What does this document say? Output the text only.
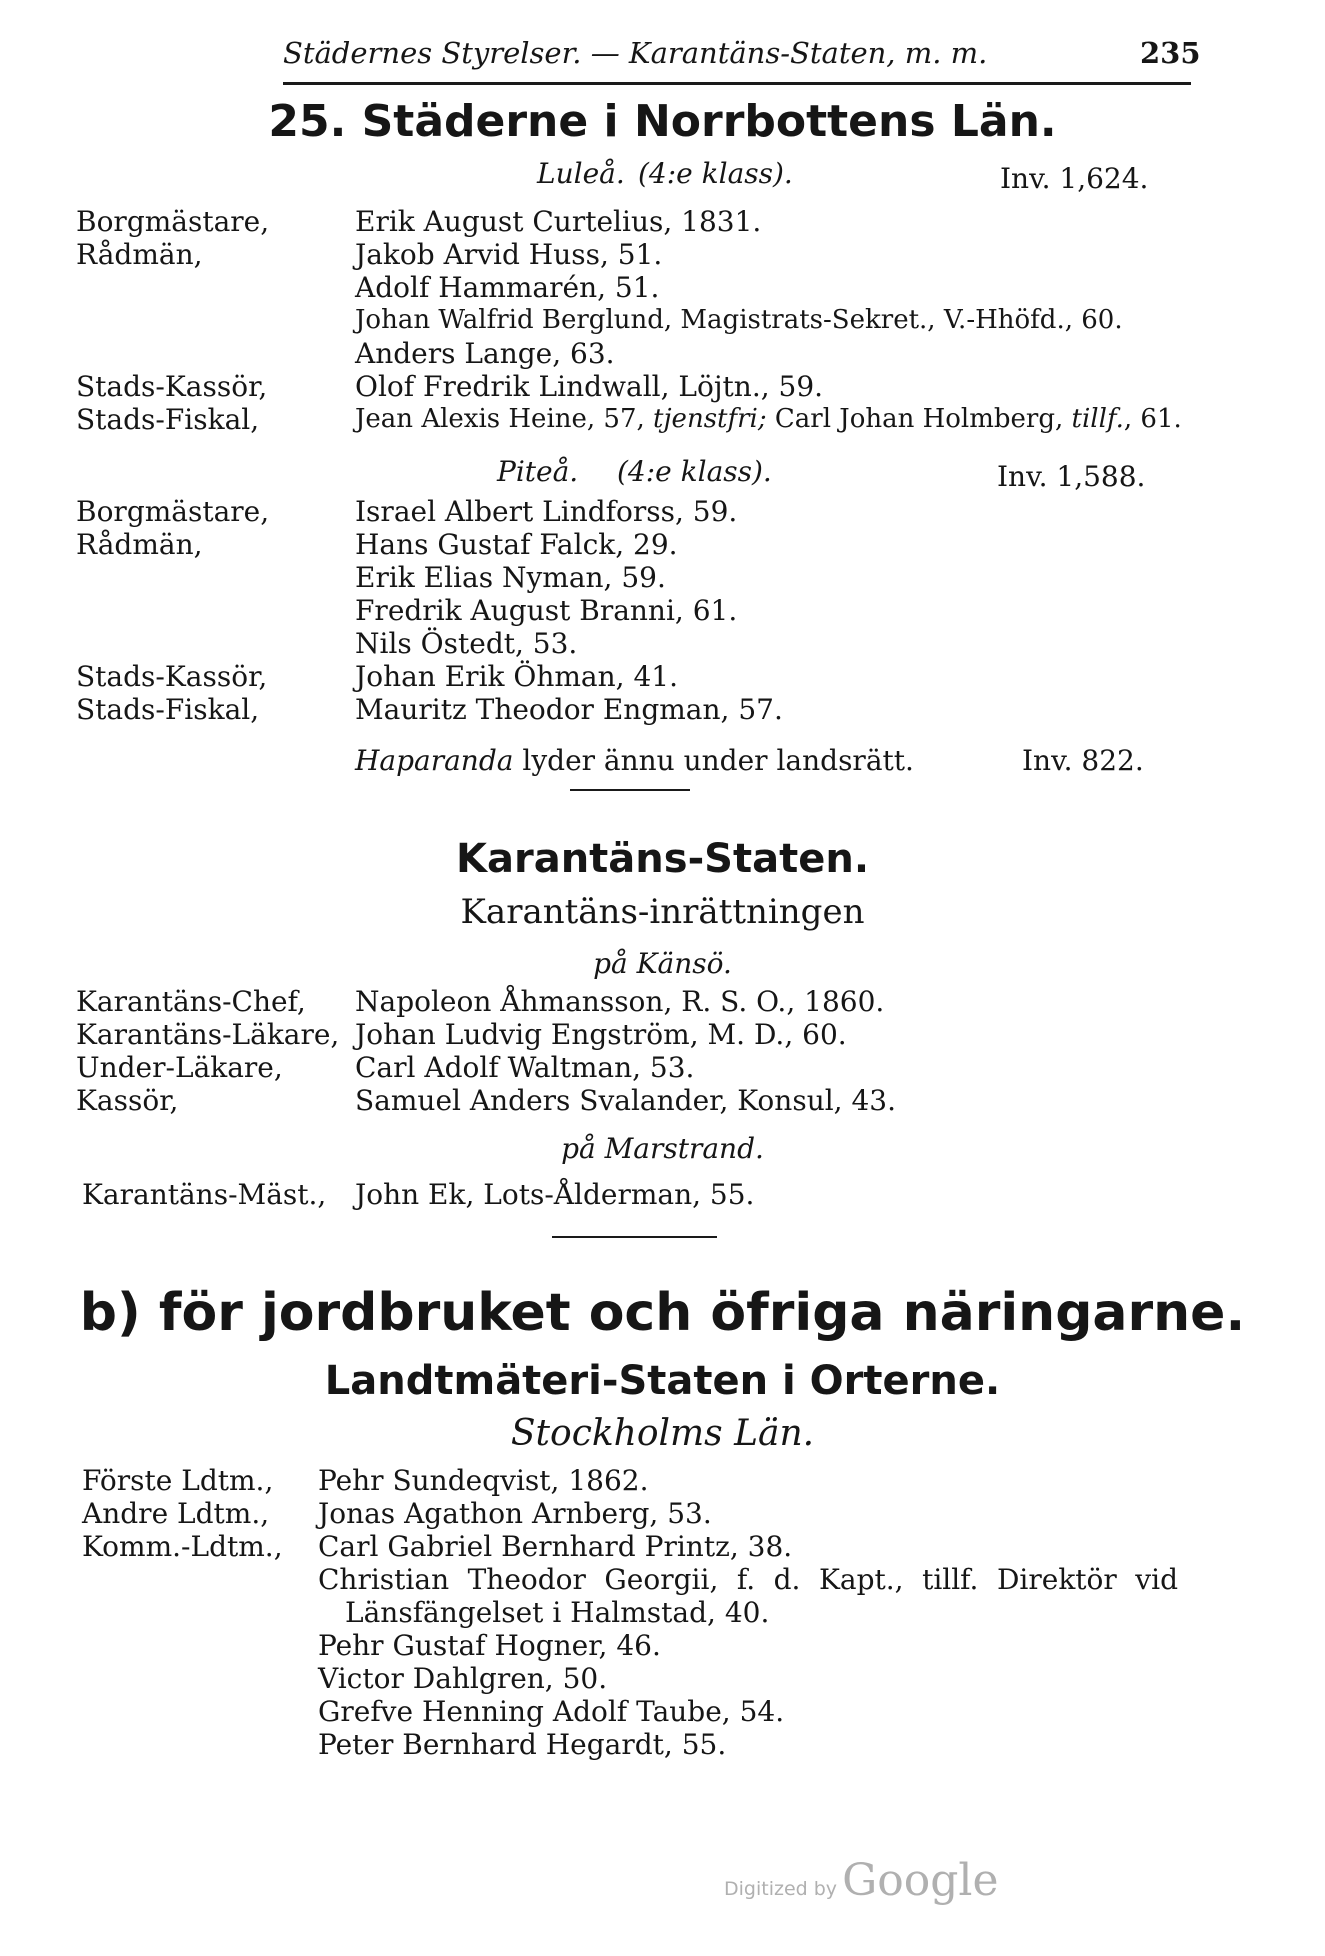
Städernes Styrelser. — Karantäns-Staten, m. m.	235
25. Städerne i Norrbottens Län.
Luleå. (4:e klass).	Inv. 1,624.
Borgmästare,	Erik August Curtelius, 1831.
Rådmän,	Jakob Arvid Huss, 51.
Adolf Hammarén, 51.
Johan Walfrid Berglund, Magistrats-Sekret., V.-Hhöfd., 60.
Anders Lange, 63.
Stads-Kassör,	Olof Fredrik Lindwall, Löjtn., 59.
Stads-Fiskal,	Jean Alexis Heine, 57, tjenstfri; Carl Johan Holmberg, tillf., 61.
Piteå. (4:e klass).	Inv. 1,588.
Borgmästare,	Israel Albert Lindforss, 59.
Rådmän,	Hans Gustaf Falck, 29.
Erik Elias Nyman, 59.
Fredrik August Branni, 61.
Nils Östedt, 53.
Stads-Kassör,	Johan Erik Öhman, 41.
Stads-Fiskal,	Mauritz Theodor Engman, 57.
Haparanda lyder ännu under landsrätt.	Inv. 822.
Karantäns-Staten.
Karantäns-inrättningen
på Känsö.
Karantäns-Chef, Napoleon Åhmansson, R. S. O., 1860.
Karantäns-Läkare, Johan Ludvig Engström, M. D., 60.
Under-Läkare,	Carl Adolf Waltman, 53.
Kassör,	Samuel Anders Svalander, Konsul, 43.
på Marstrand.
Karantäns-Mäst., John Ek, Lots-Ålderman, 55.
b) för jordbruket och öfriga näringarne.
Landtmäteri-Staten i Orterne.
Stockholms Län.
Förste Ldtm., Pehr Sundeqvist, 1862.
Andre Ldtm., Jonas Agathon Arnberg, 53.
Komm.-Ldtm., Carl Gabriel Bernhard Printz, 38.
Christian Theodor Georgii, f. d. Kapt., tillf. Direktör vid
Länsfängelset i Halmstad, 40.
Pehr Gustaf Hogner, 46.
Victor Dahlgren, 50.
Grefve Henning Adolf Taube, 54.
Peter Bernhard Hegardt, 55.
Digitized by Google
